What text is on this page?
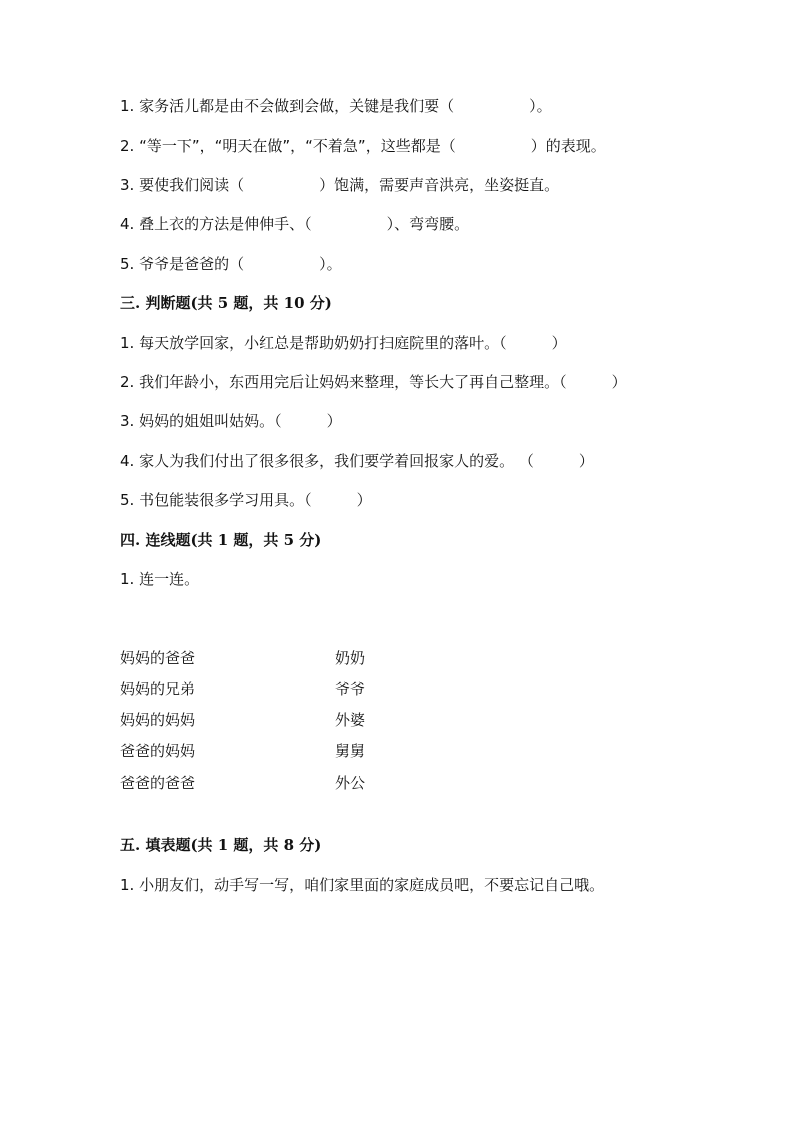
1. 家务活儿都是由不会做到会做，关键是我们要（　　　　　）。
2. “等一下”，“明天在做”，“不着急”，这些都是（　　　　　）的表现。
3. 要使我们阅读（　　　　　）饱满，需要声音洪亮，坐姿挺直。
4. 叠上衣的方法是伸伸手、（　　　　　）、弯弯腰。
5. 爷爷是爸爸的（　　　　　）。
三. 判断题(共 5 题，共 10 分)
1. 每天放学回家，小红总是帮助奶奶打扫庭院里的落叶。（　　　）
2. 我们年龄小，东西用完后让妈妈来整理，等长大了再自己整理。（　　　）
3. 妈妈的姐姐叫姑妈。（　　　）
4. 家人为我们付出了很多很多，我们要学着回报家人的爱。 （　　　）
5. 书包能装很多学习用具。（　　　）
四. 连线题(共 1 题，共 5 分)
1. 连一连。
妈妈的爸爸
妈妈的兄弟
妈妈的妈妈
爸爸的妈妈
爸爸的爸爸
奶奶
爷爷
外婆
舅舅
外公
五. 填表题(共 1 题，共 8 分)
1. 小朋友们，动手写一写，咱们家里面的家庭成员吧，不要忘记自己哦。
